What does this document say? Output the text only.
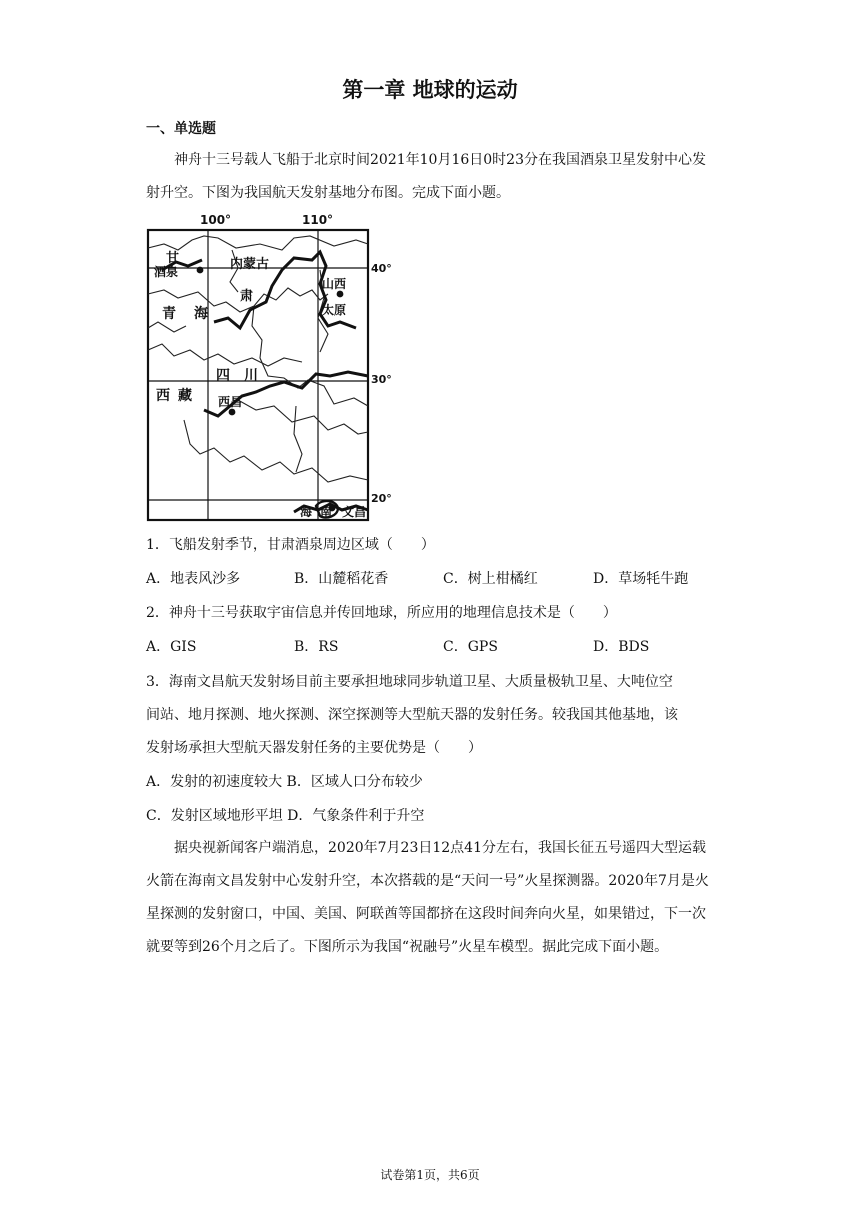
第一章 地球的运动
一、单选题
神舟十三号载人飞船于北京时间2021年10月16日0时23分在我国酒泉卫星发射中心发射升空。下图为我国航天发射基地分布图。完成下面小题。
100°	110°
40°
30°
20°
甘
酒泉	内蒙古
肃
青 海
山西
太原
四 川
西 藏 西昌
海 南 文昌
1．飞船发射季节，甘肃酒泉周边区域（　　）
A．地表风沙多	B．山麓稻花香	C．树上柑橘红	D．草场牦牛跑
2．神舟十三号获取宇宙信息并传回地球，所应用的地理信息技术是（　　）
A．GIS	B．RS	C．GPS	D．BDS
3．海南文昌航天发射场目前主要承担地球同步轨道卫星、大质量极轨卫星、大吨位空
间站、地月探测、地火探测、深空探测等大型航天器的发射任务。较我国其他基地，该
发射场承担大型航天器发射任务的主要优势是（　　）
A．发射的初速度较大 B．区域人口分布较少
C．发射区域地形平坦 D．气象条件利于升空
据央视新闻客户端消息，2020年7月23日12点41分左右，我国长征五号遥四大型运载火箭在海南文昌发射中心发射升空，本次搭载的是“天问一号”火星探测器。2020年7月是火星探测的发射窗口，中国、美国、阿联酋等国都挤在这段时间奔向火星，如果错过，下一次就要等到26个月之后了。下图所示为我国“祝融号”火星车模型。据此完成下面小题。
试卷第1页，共6页
